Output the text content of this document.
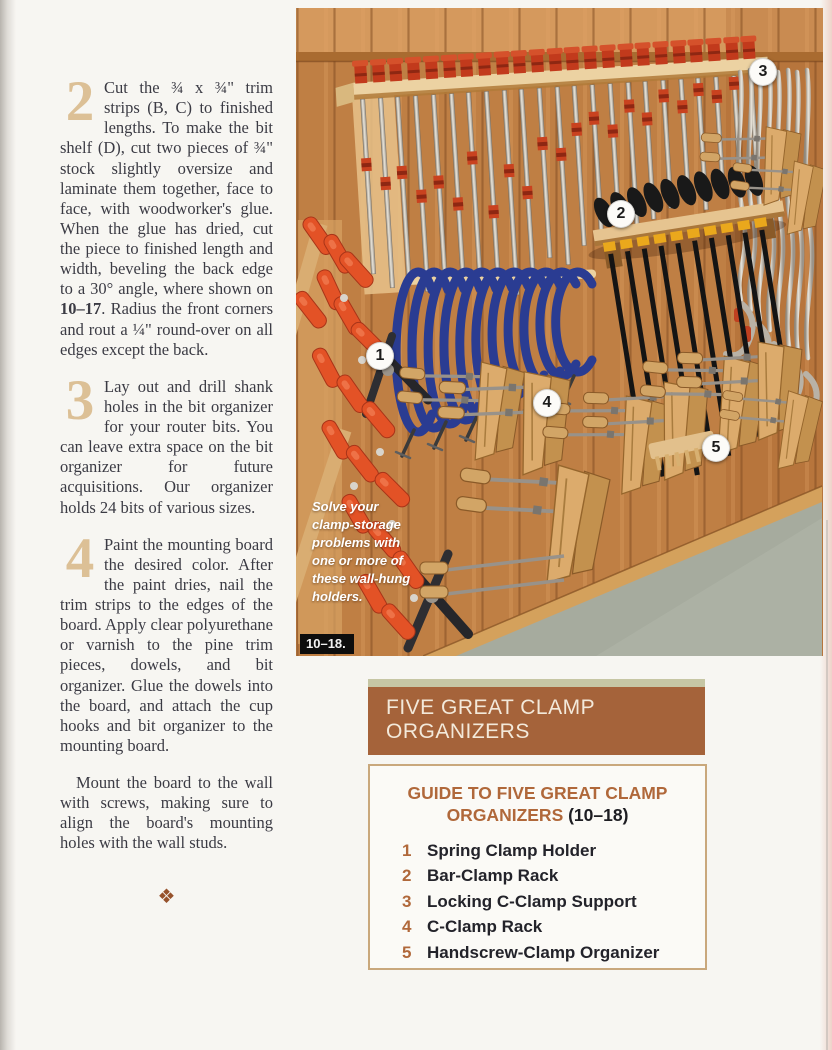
2 Cut the ¾ x ¾" trim strips (B, C) to finished lengths. To make the bit shelf (D), cut two pieces of ¾" stock slightly oversize and laminate them together, face to face, with woodworker's glue. When the glue has dried, cut the piece to finished length and width, beveling the back edge to a 30° angle, where shown on 10–17. Radius the front corners and rout a ¼" round-over on all edges except the back.

3 Lay out and drill shank holes in the bit organizer for your router bits. You can leave extra space on the bit organizer for future acquisitions. Our organizer holds 24 bits of various sizes.

4 Paint the mounting board the desired color. After the paint dries, nail the trim strips to the edges of the board. Apply clear polyurethane or varnish to the pine trim pieces, dowels, and bit organizer. Glue the dowels into the board, and attach the cup hooks and bit organizer to the mounting board.

Mount the board to the wall with screws, making sure to align the board's mounting holes with the wall studs.

❖
Solve your clamp-storage problems with one or more of these wall-hung holders.
10–18.
1
2
3
4
5
FIVE GREAT CLAMP
ORGANIZERS
GUIDE TO FIVE GREAT CLAMP
ORGANIZERS (10–18)
1 Spring Clamp Holder
2 Bar-Clamp Rack
3 Locking C-Clamp Support
4 C-Clamp Rack
5 Handscrew-Clamp Organizer
